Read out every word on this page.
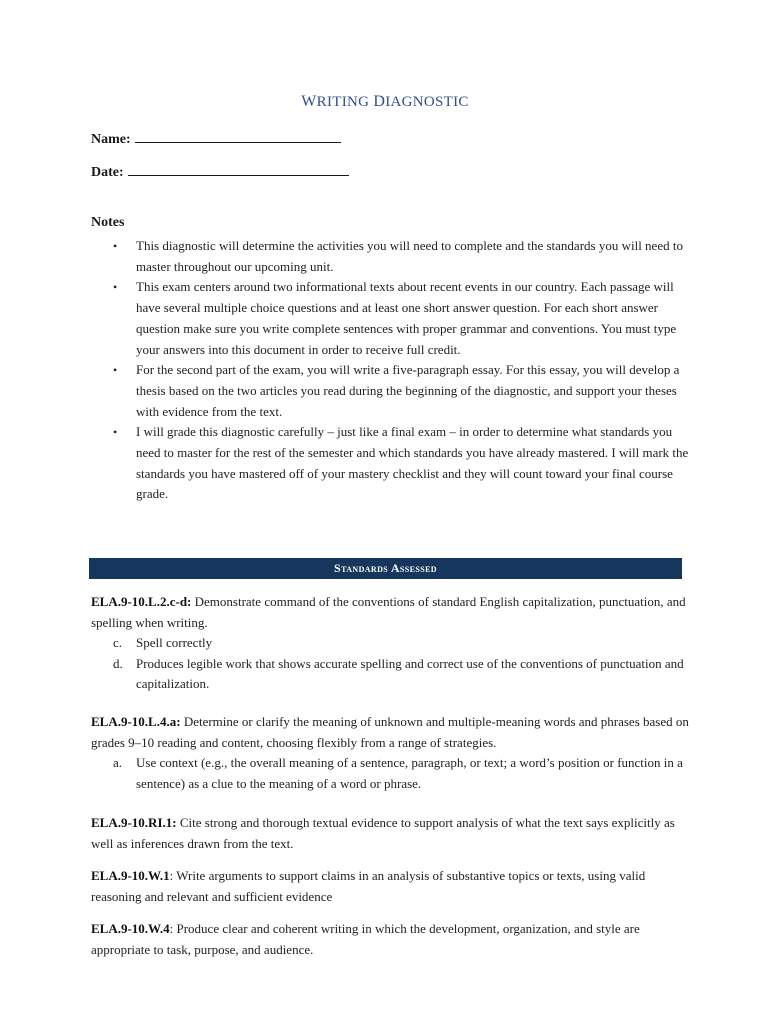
WRITING DIAGNOSTIC
Name:
Date:
Notes
• This diagnostic will determine the activities you will need to complete and the standards you will need to master throughout our upcoming unit.
• This exam centers around two informational texts about recent events in our country. Each passage will have several multiple choice questions and at least one short answer question. For each short answer question make sure you write complete sentences with proper grammar and conventions. You must type your answers into this document in order to receive full credit.
• For the second part of the exam, you will write a five-paragraph essay. For this essay, you will develop a thesis based on the two articles you read during the beginning of the diagnostic, and support your theses with evidence from the text.
• I will grade this diagnostic carefully – just like a final exam – in order to determine what standards you need to master for the rest of the semester and which standards you have already mastered. I will mark the standards you have mastered off of your mastery checklist and they will count toward your final course grade.
Standards Assessed
ELA.9-10.L.2.c-d: Demonstrate command of the conventions of standard English capitalization, punctuation, and spelling when writing.
c. Spell correctly
d. Produces legible work that shows accurate spelling and correct use of the conventions of punctuation and capitalization.
ELA.9-10.L.4.a: Determine or clarify the meaning of unknown and multiple-meaning words and phrases based on grades 9–10 reading and content, choosing flexibly from a range of strategies.
a. Use context (e.g., the overall meaning of a sentence, paragraph, or text; a word’s position or function in a sentence) as a clue to the meaning of a word or phrase.
ELA.9-10.RI.1: Cite strong and thorough textual evidence to support analysis of what the text says explicitly as well as inferences drawn from the text.
ELA.9-10.W.1: Write arguments to support claims in an analysis of substantive topics or texts, using valid reasoning and relevant and sufficient evidence
ELA.9-10.W.4: Produce clear and coherent writing in which the development, organization, and style are appropriate to task, purpose, and audience.
